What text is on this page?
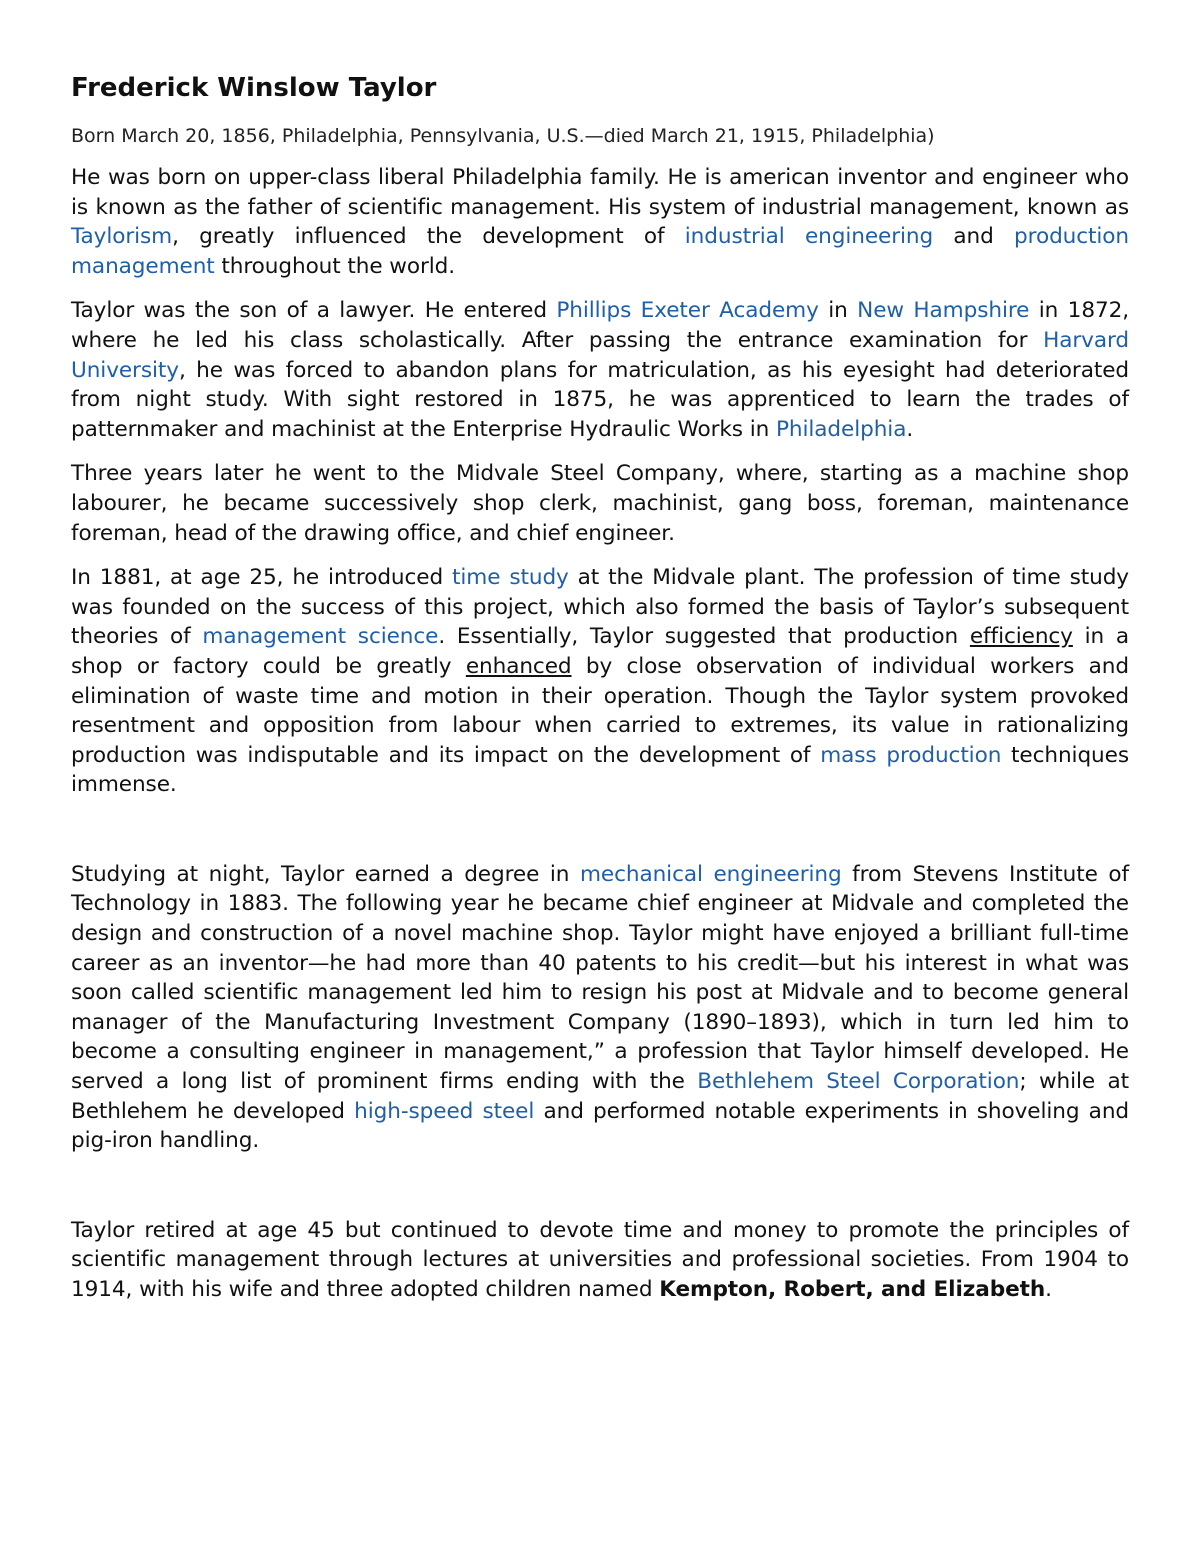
Frederick Winslow Taylor
Born March 20, 1856, Philadelphia, Pennsylvania, U.S.—died March 21, 1915, Philadelphia)

He was born on upper-class liberal Philadelphia family. He is american inventor and engineer who is known as the father of scientific management. His system of industrial management, known as Taylorism, greatly influenced the development of industrial engineering and production management throughout the world.

Taylor was the son of a lawyer. He entered Phillips Exeter Academy in New Hampshire in 1872, where he led his class scholastically. After passing the entrance examination for Harvard University, he was forced to abandon plans for matriculation, as his eyesight had deteriorated from night study. With sight restored in 1875, he was apprenticed to learn the trades of patternmaker and machinist at the Enterprise Hydraulic Works in Philadelphia.

Three years later he went to the Midvale Steel Company, where, starting as a machine shop labourer, he became successively shop clerk, machinist, gang boss, foreman, maintenance foreman, head of the drawing office, and chief engineer.

In 1881, at age 25, he introduced time study at the Midvale plant. The profession of time study was founded on the success of this project, which also formed the basis of Taylor’s subsequent theories of management science. Essentially, Taylor suggested that production efficiency in a shop or factory could be greatly enhanced by close observation of individual workers and elimination of waste time and motion in their operation. Though the Taylor system provoked resentment and opposition from labour when carried to extremes, its value in rationalizing production was indisputable and its impact on the development of mass production techniques immense.

Studying at night, Taylor earned a degree in mechanical engineering from Stevens Institute of Technology in 1883. The following year he became chief engineer at Midvale and completed the design and construction of a novel machine shop. Taylor might have enjoyed a brilliant full-time career as an inventor—he had more than 40 patents to his credit—but his interest in what was soon called scientific management led him to resign his post at Midvale and to become general manager of the Manufacturing Investment Company (1890–1893), which in turn led him to become a consulting engineer in management,” a profession that Taylor himself developed. He served a long list of prominent firms ending with the Bethlehem Steel Corporation; while at Bethlehem he developed high-speed steel and performed notable experiments in shoveling and pig-iron handling.

Taylor retired at age 45 but continued to devote time and money to promote the principles of scientific management through lectures at universities and professional societies. From 1904 to 1914, with his wife and three adopted children named Kempton, Robert, and Elizabeth.
